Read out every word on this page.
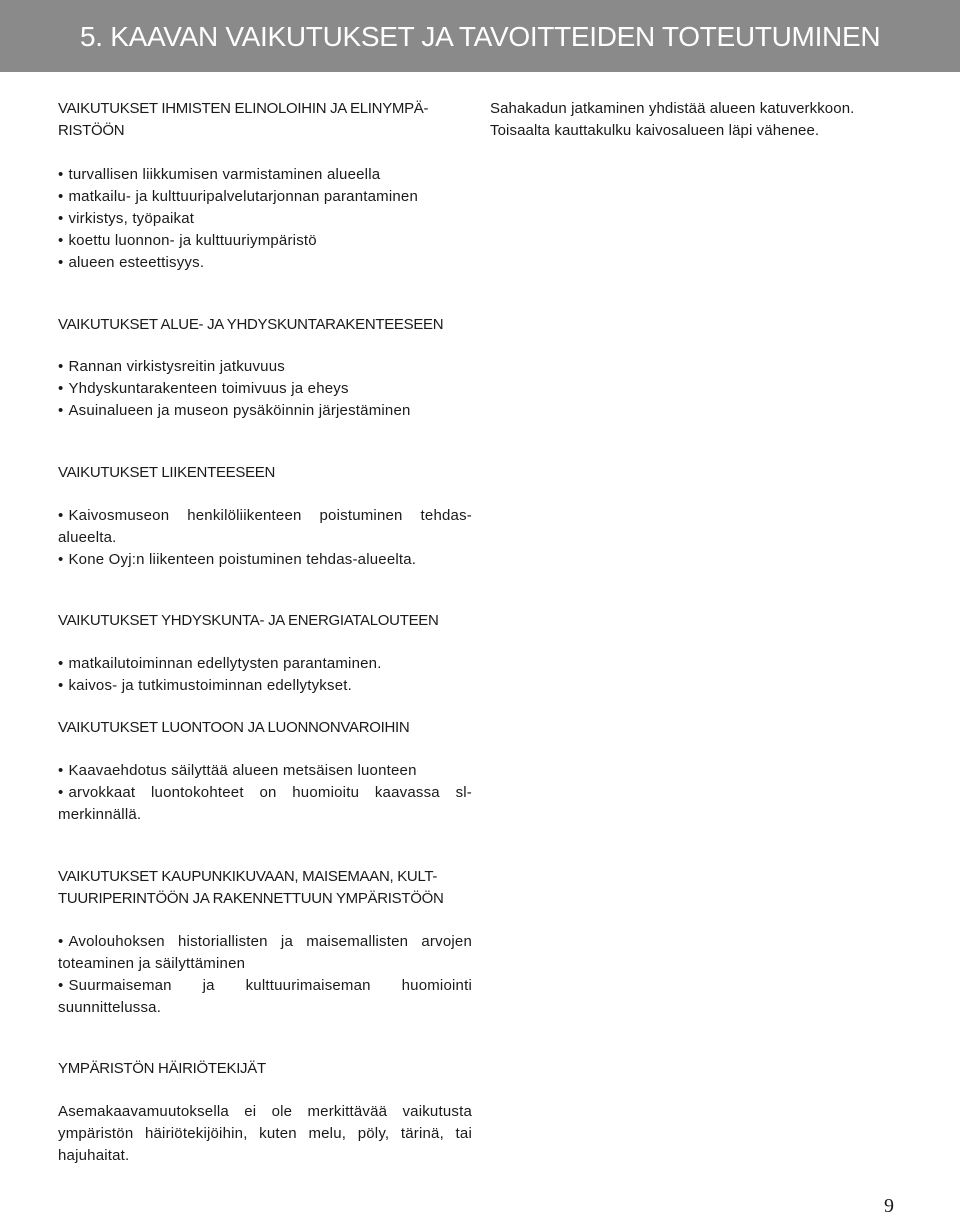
5. KAAVAN VAIKUTUKSET JA TAVOITTEIDEN TOTEUTUMINEN
VAIKUTUKSET IHMISTEN ELINOLOIHIN JA ELINYMPÄ-
RISTÖÖN
• turvallisen liikkumisen varmistaminen alueella
• matkailu- ja kulttuuripalvelutarjonnan parantaminen
• virkistys, työpaikat
• koettu luonnon- ja kulttuuriympäristö
• alueen esteettisyys.
VAIKUTUKSET ALUE- JA YHDYSKUNTARAKENTEESEEN
• Rannan virkistysreitin jatkuvuus
• Yhdyskuntarakenteen toimivuus ja eheys
• Asuinalueen ja museon pysäköinnin järjestäminen
VAIKUTUKSET LIIKENTEESEEN
• Kaivosmuseon henkilöliikenteen poistuminen tehdas-alueelta.
• Kone Oyj:n liikenteen poistuminen tehdas-alueelta.
VAIKUTUKSET YHDYSKUNTA- JA ENERGIATALOUTEEN
• matkailutoiminnan edellytysten parantaminen.
• kaivos- ja tutkimustoiminnan edellytykset.
VAIKUTUKSET LUONTOON JA LUONNONVAROIHIN
• Kaavaehdotus säilyttää alueen metsäisen luonteen
• arvokkaat luontokohteet on huomioitu kaavassa sl-merkinnällä.
VAIKUTUKSET KAUPUNKIKUVAAN, MAISEMAAN, KULT-
TUURIPERINTÖÖN JA RAKENNETTUUN YMPÄRISTÖÖN
• Avolouhoksen historiallisten ja maisemallisten arvojen toteaminen ja säilyttäminen
• Suurmaiseman ja kulttuurimaiseman huomiointi suunnittelussa.
YMPÄRISTÖN HÄIRIÖTEKIJÄT
Asemakaavamuutoksella ei ole merkittävää vaikutusta ympäristön häiriötekijöihin, kuten melu, pöly, tärinä, tai hajuhaitat.
Sahakadun jatkaminen yhdistää alueen katuverkkoon.
Toisaalta kauttakulku kaivosalueen läpi vähenee.
9
